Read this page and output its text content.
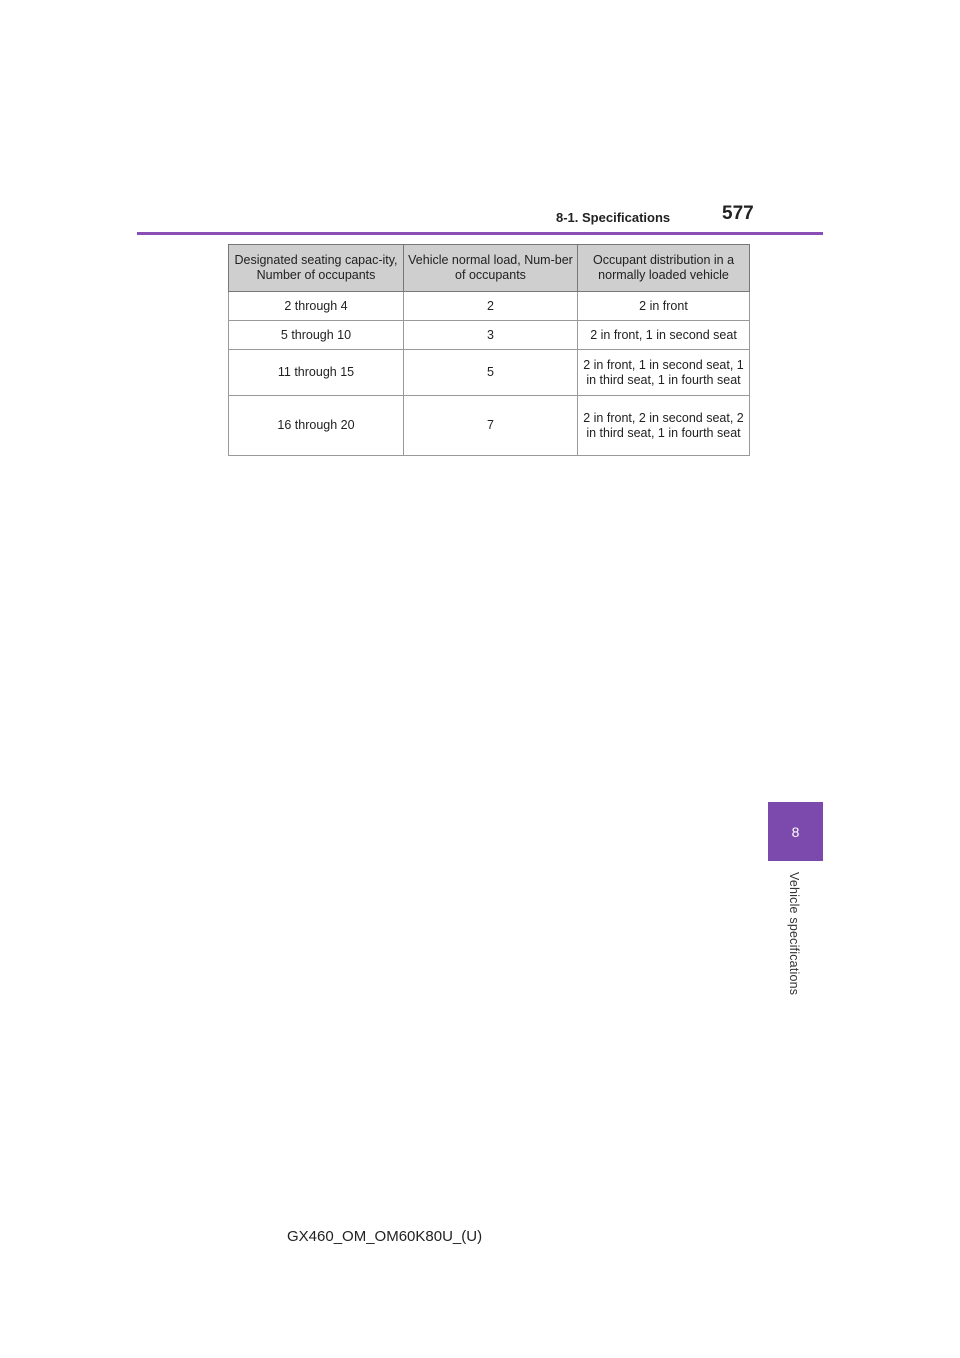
8-1. Specifications	577
Designated seating capac-ity, Number of occupants	Vehicle normal load, Num-ber of occupants	Occupant distribution in a normally loaded vehicle
2 through 4	2	2 in front
5 through 10	3	2 in front, 1 in second seat
11 through 15	5	2 in front, 1 in second seat, 1 in third seat, 1 in fourth seat
16 through 20	7	2 in front, 2 in second seat, 2 in third seat, 1 in fourth seat
8
Vehicle specifications
GX460_OM_OM60K80U_(U)
